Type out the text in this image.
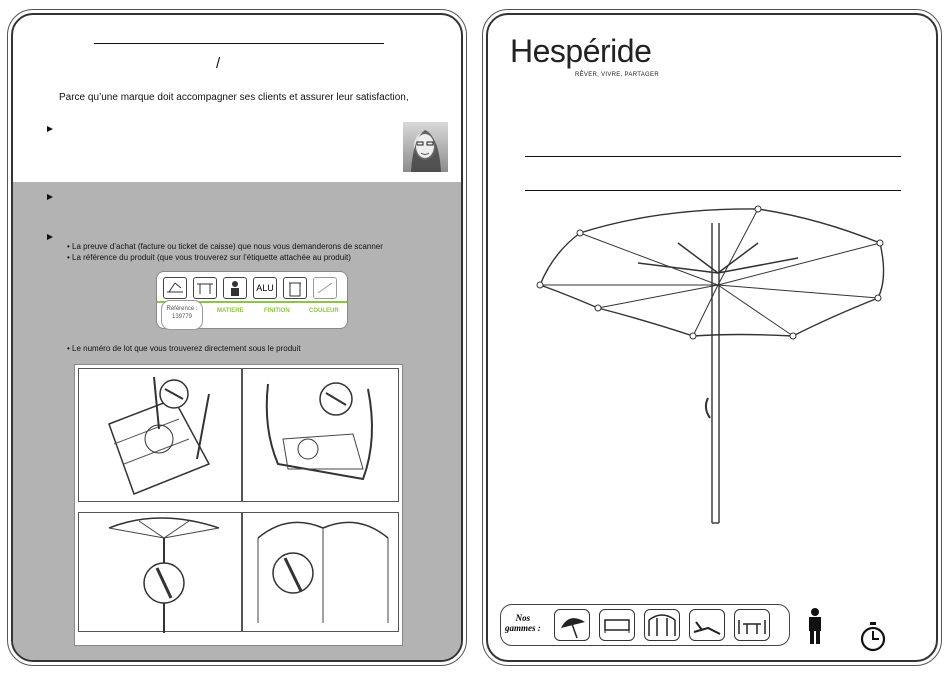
/
Parce qu’une marque doit accompagner ses clients et assurer leur satisfaction,
• La preuve d’achat (facture ou ticket de caisse) que nous vous demanderons de scanner
• La référence du produit (que vous trouverez sur l’étiquette attachée au produit)
ALU
Référence :
139779
MATIERE	FINITION	COULEUR
• Le numéro de lot que vous trouverez directement sous le produit
Hespéride
RÊVER, VIVRE, PARTAGER
Nos
gammes :
